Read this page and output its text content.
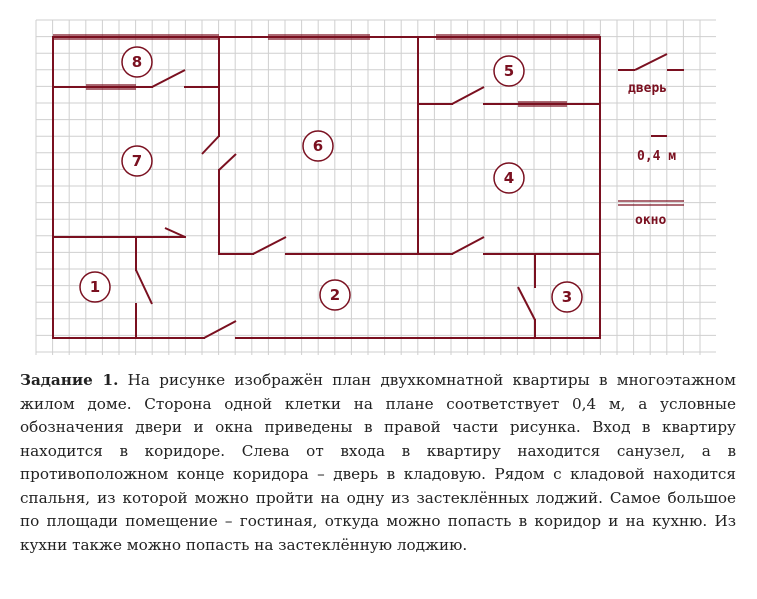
1	2	3
4
5
6
7
8
дверь
0,4 м
окно

Задание 1. На рисунке изображён план двухкомнатной квартиры в многоэтажном жилом доме. Сторона одной клетки на плане соответствует 0,4 м, а условные обозначения двери и окна приведены в правой части рисунка. Вход в квартиру находится в коридоре. Слева от входа в квартиру находится санузел, а в противоположном конце коридора – дверь в кладовую. Рядом с кладовой находится спальня, из которой можно пройти на одну из застеклённых лоджий. Самое большое по площади помещение – гостиная, откуда можно попасть в коридор и на кухню. Из кухни также можно попасть на застеклённую лоджию.
